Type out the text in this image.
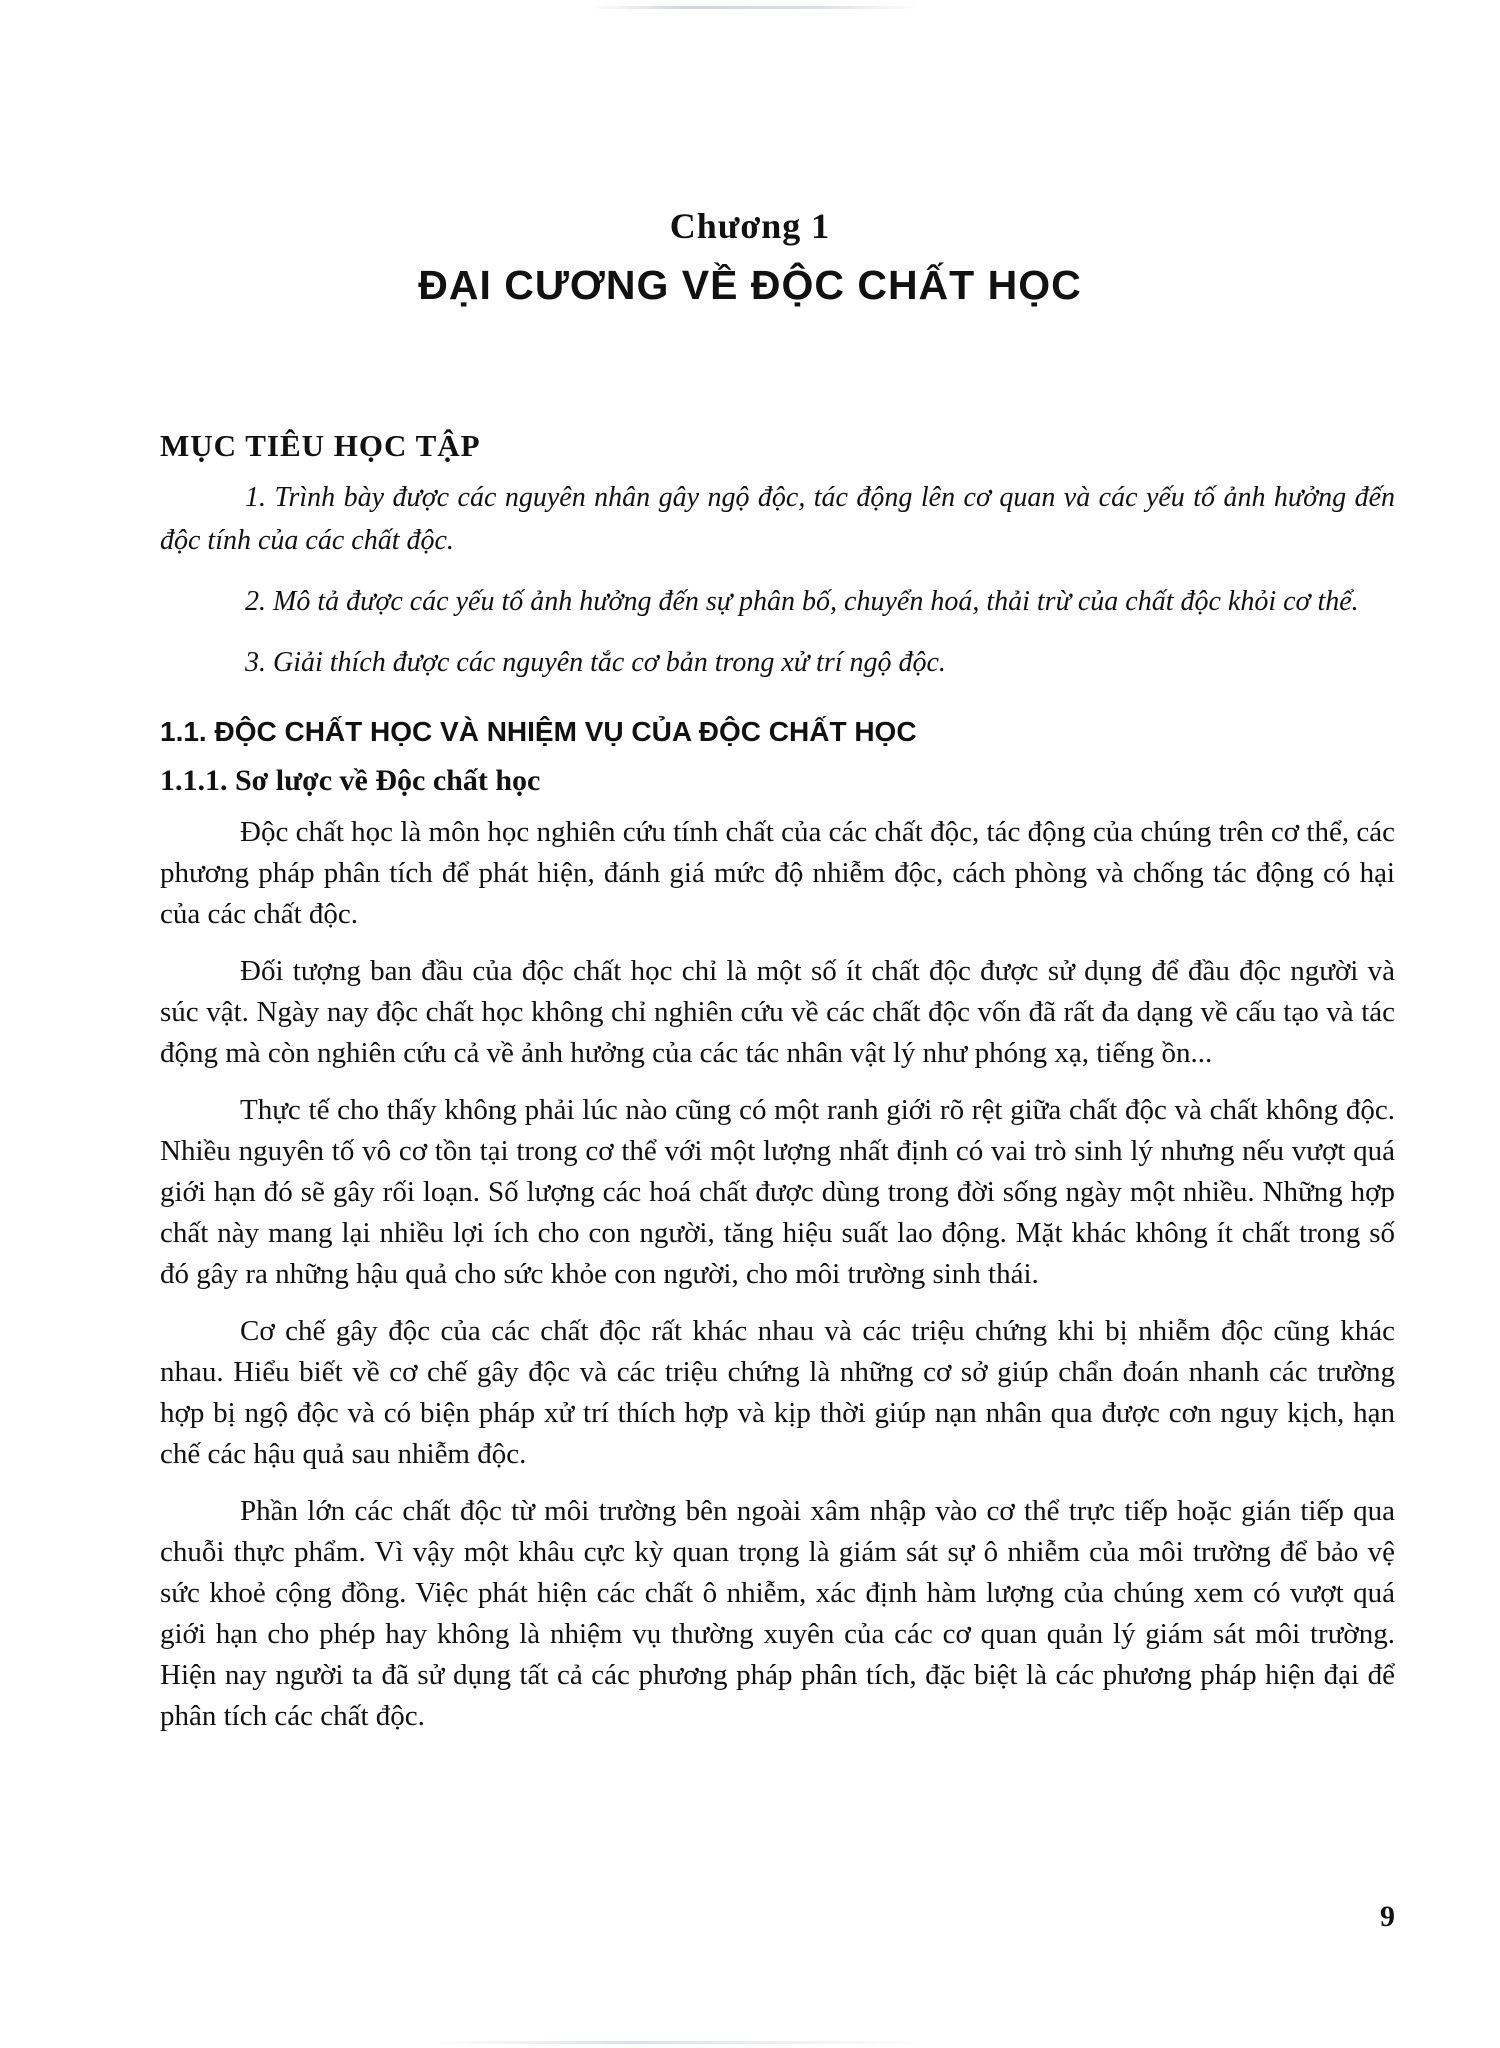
Chương 1
ĐẠI CƯƠNG VỀ ĐỘC CHẤT HỌC
MỤC TIÊU HỌC TẬP

1. Trình bày được các nguyên nhân gây ngộ độc, tác động lên cơ quan và các yếu tố ảnh hưởng đến độc tính của các chất độc.

2. Mô tả được các yếu tố ảnh hưởng đến sự phân bố, chuyển hoá, thải trừ của chất độc khỏi cơ thể.

3. Giải thích được các nguyên tắc cơ bản trong xử trí ngộ độc.

1.1. ĐỘC CHẤT HỌC VÀ NHIỆM VỤ CỦA ĐỘC CHẤT HỌC
1.1.1. Sơ lược về Độc chất học

Độc chất học là môn học nghiên cứu tính chất của các chất độc, tác động của chúng trên cơ thể, các phương pháp phân tích để phát hiện, đánh giá mức độ nhiễm độc, cách phòng và chống tác động có hại của các chất độc.

Đối tượng ban đầu của độc chất học chỉ là một số ít chất độc được sử dụng để đầu độc người và súc vật. Ngày nay độc chất học không chỉ nghiên cứu về các chất độc vốn đã rất đa dạng về cấu tạo và tác động mà còn nghiên cứu cả về ảnh hưởng của các tác nhân vật lý như phóng xạ, tiếng ồn...

Thực tế cho thấy không phải lúc nào cũng có một ranh giới rõ rệt giữa chất độc và chất không độc. Nhiều nguyên tố vô cơ tồn tại trong cơ thể với một lượng nhất định có vai trò sinh lý nhưng nếu vượt quá giới hạn đó sẽ gây rối loạn. Số lượng các hoá chất được dùng trong đời sống ngày một nhiều. Những hợp chất này mang lại nhiều lợi ích cho con người, tăng hiệu suất lao động. Mặt khác không ít chất trong số đó gây ra những hậu quả cho sức khỏe con người, cho môi trường sinh thái.

Cơ chế gây độc của các chất độc rất khác nhau và các triệu chứng khi bị nhiễm độc cũng khác nhau. Hiểu biết về cơ chế gây độc và các triệu chứng là những cơ sở giúp chẩn đoán nhanh các trường hợp bị ngộ độc và có biện pháp xử trí thích hợp và kịp thời giúp nạn nhân qua được cơn nguy kịch, hạn chế các hậu quả sau nhiễm độc.

Phần lớn các chất độc từ môi trường bên ngoài xâm nhập vào cơ thể trực tiếp hoặc gián tiếp qua chuỗi thực phẩm. Vì vậy một khâu cực kỳ quan trọng là giám sát sự ô nhiễm của môi trường để bảo vệ sức khoẻ cộng đồng. Việc phát hiện các chất ô nhiễm, xác định hàm lượng của chúng xem có vượt quá giới hạn cho phép hay không là nhiệm vụ thường xuyên của các cơ quan quản lý giám sát môi trường. Hiện nay người ta đã sử dụng tất cả các phương pháp phân tích, đặc biệt là các phương pháp hiện đại để phân tích các chất độc.

9
